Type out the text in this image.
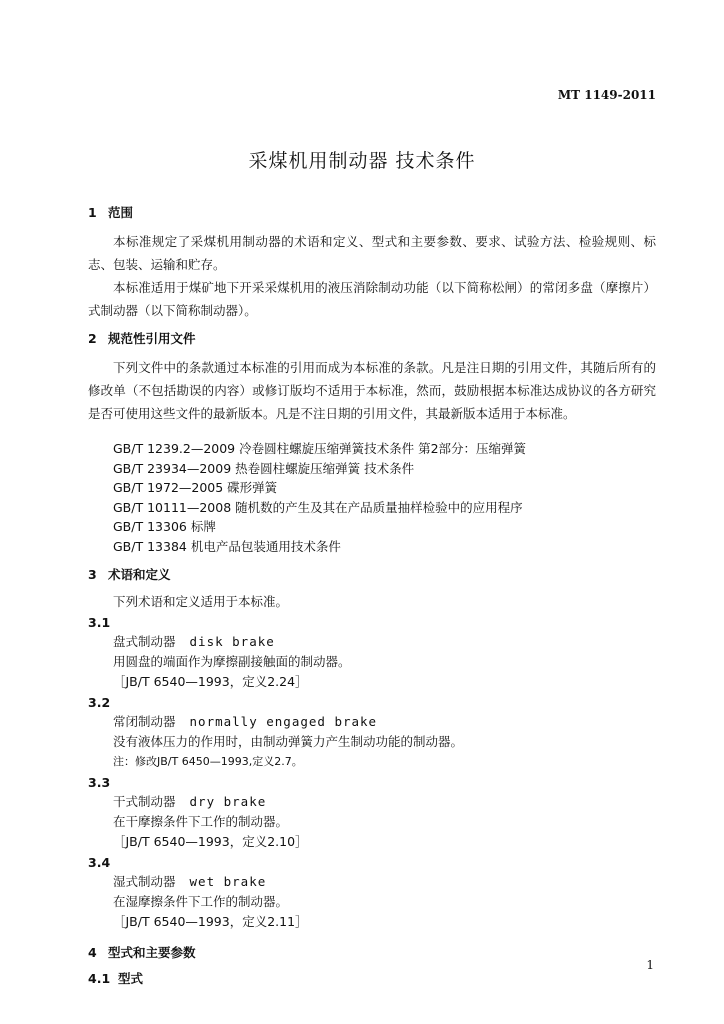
MT 1149-2011
采煤机用制动器 技术条件
1 范围

本标准规定了采煤机用制动器的术语和定义、型式和主要参数、要求、试验方法、检验规则、标志、包装、运输和贮存。

本标准适用于煤矿地下开采采煤机用的液压消除制动功能（以下简称松闸）的常闭多盘（摩擦片）式制动器（以下简称制动器）。

2 规范性引用文件

下列文件中的条款通过本标准的引用而成为本标准的条款。凡是注日期的引用文件，其随后所有的修改单（不包括勘误的内容）或修订版均不适用于本标准，然而，鼓励根据本标准达成协议的各方研究是否可使用这些文件的最新版本。凡是不注日期的引用文件，其最新版本适用于本标准。

GB/T 1239.2—2009 冷卷圆柱螺旋压缩弹簧技术条件 第2部分：压缩弹簧
GB/T 23934—2009 热卷圆柱螺旋压缩弹簧 技术条件
GB/T 1972—2005 碟形弹簧
GB/T 10111—2008 随机数的产生及其在产品质量抽样检验中的应用程序
GB/T 13306 标牌
GB/T 13384 机电产品包装通用技术条件
3 术语和定义

下列术语和定义适用于本标准。

3.1
盘式制动器 disk brake
用圆盘的端面作为摩擦副接触面的制动器。
［JB/T 6540—1993，定义2.24］
3.2
常闭制动器 normally engaged brake
没有液体压力的作用时，由制动弹簧力产生制动功能的制动器。
注：修改JB/T 6450—1993,定义2.7。
3.3
干式制动器 dry brake
在干摩擦条件下工作的制动器。
［JB/T 6540—1993，定义2.10］
3.4
湿式制动器 wet brake
在湿摩擦条件下工作的制动器。
［JB/T 6540—1993，定义2.11］
4 型式和主要参数
4.1 型式
1
